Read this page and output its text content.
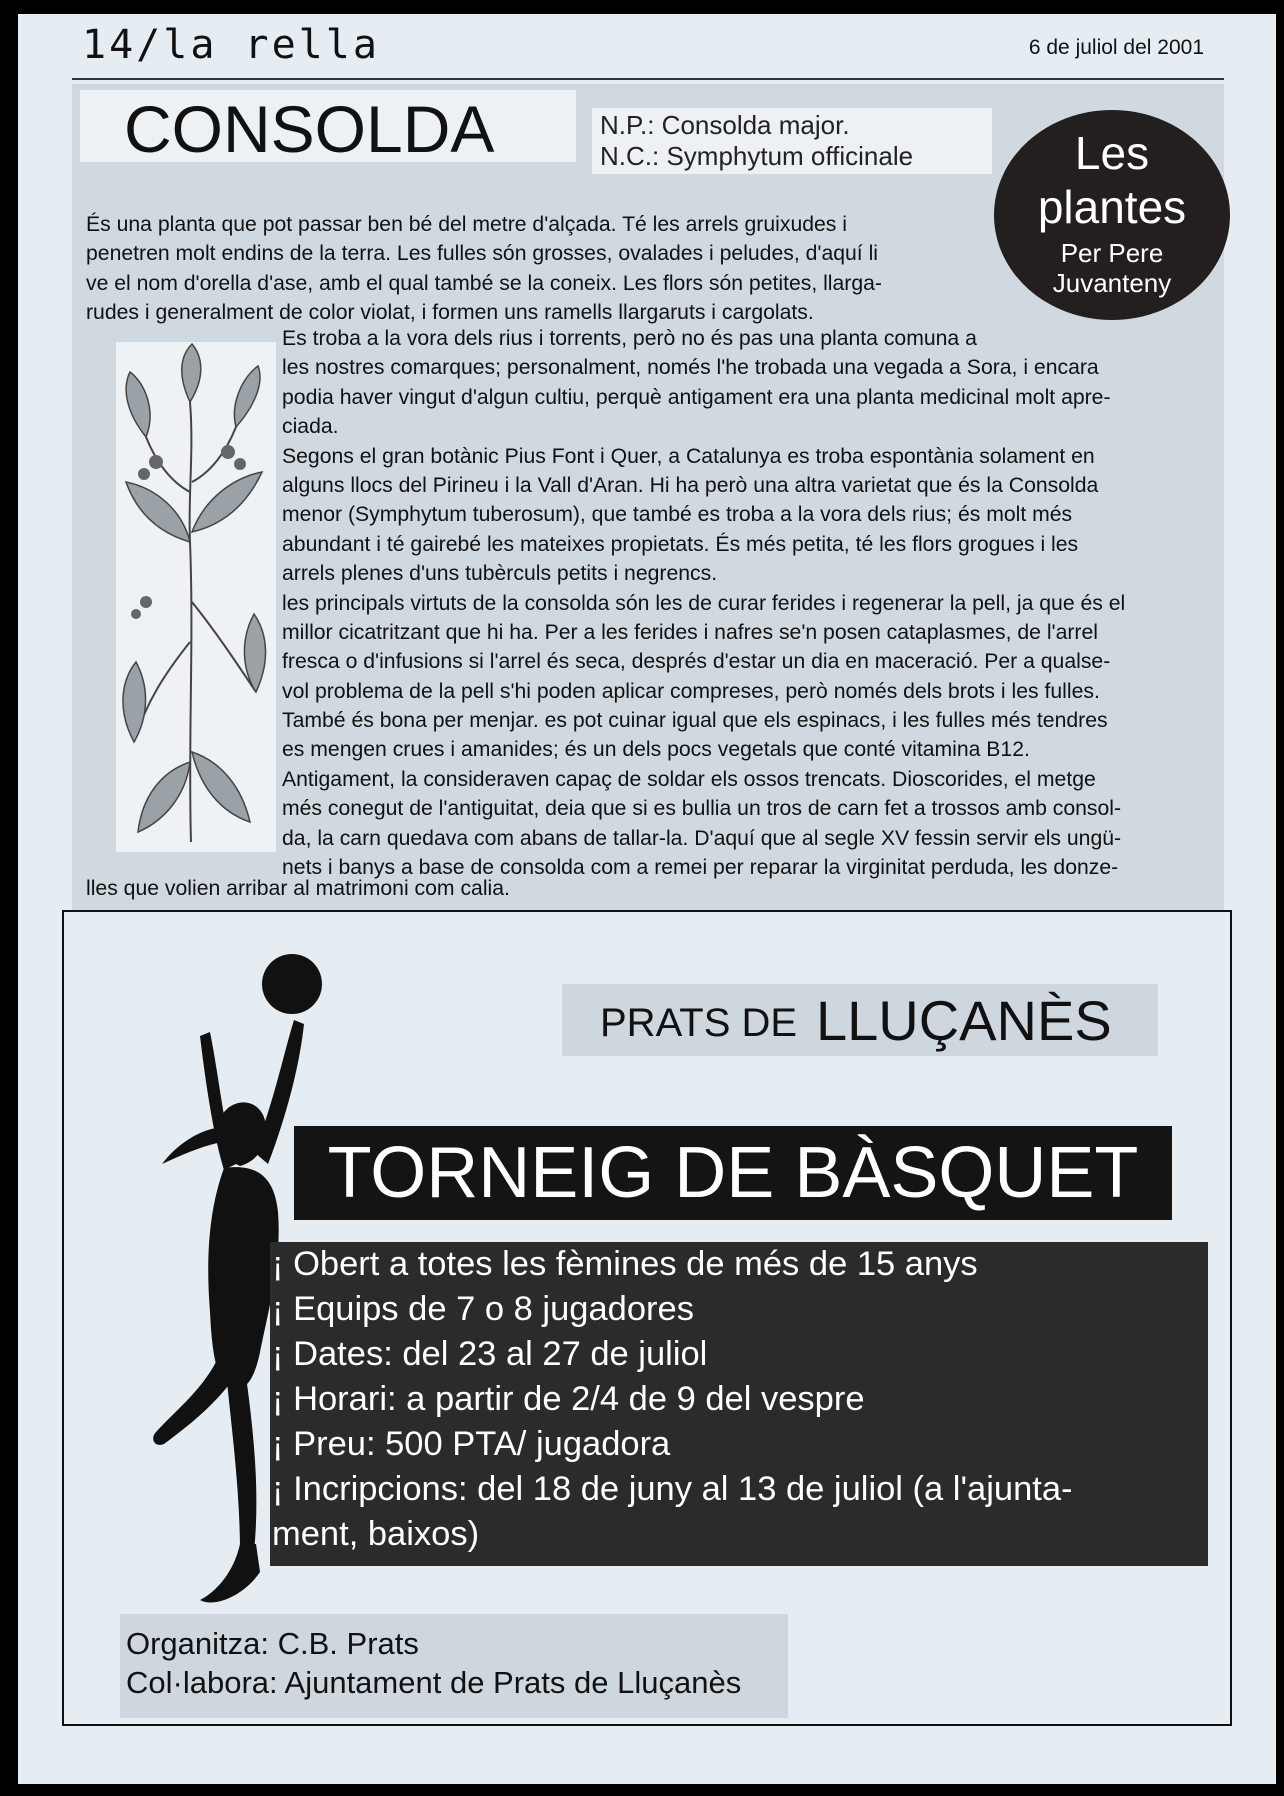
14/la rella	6 de juliol del 2001
CONSOLDA	N.P.: Consolda major.
N.C.: Symphytum officinale	Les
plantes
Per Pere
Juvanteny
És una planta que pot passar ben bé del metre d'alçada. Té les arrels gruixudes i
penetren molt endins de la terra. Les fulles són grosses, ovalades i peludes, d'aquí li
ve el nom d'orella d'ase, amb el qual també se la coneix. Les flors són petites, llarga-
rudes i generalment de color violat, i formen uns ramells llargaruts i cargolats.
Es troba a la vora dels rius i torrents, però no és pas una planta comuna a
les nostres comarques; personalment, només l'he trobada una vegada a Sora, i encara
podia haver vingut d'algun cultiu, perquè antigament era una planta medicinal molt apre-
ciada.
Segons el gran botànic Pius Font i Quer, a Catalunya es troba espontània solament en
alguns llocs del Pirineu i la Vall d'Aran. Hi ha però una altra varietat que és la Consolda
menor (Symphytum tuberosum), que també es troba a la vora dels rius; és molt més
abundant i té gairebé les mateixes propietats. És més petita, té les flors grogues i les
arrels plenes d'uns tubèrculs petits i negrencs.
les principals virtuts de la consolda són les de curar ferides i regenerar la pell, ja que és el
millor cicatritzant que hi ha. Per a les ferides i nafres se'n posen cataplasmes, de l'arrel
fresca o d'infusions si l'arrel és seca, després d'estar un dia en maceració. Per a qualse-
vol problema de la pell s'hi poden aplicar compreses, però només dels brots i les fulles.
També és bona per menjar. es pot cuinar igual que els espinacs, i les fulles més tendres
es mengen crues i amanides; és un dels pocs vegetals que conté vitamina B12.
Antigament, la consideraven capaç de soldar els ossos trencats. Dioscorides, el metge
més conegut de l'antiguitat, deia que si es bullia un tros de carn fet a trossos amb consol-
da, la carn quedava com abans de tallar-la. D'aquí que al segle XV fessin servir els ungü-
nets i banys a base de consolda com a remei per reparar la virginitat perduda, les donze-
lles que volien arribar al matrimoni com calia.
PRATS DE LLUÇANÈS
TORNEIG DE BÀSQUET
¡ Obert a totes les fèmines de més de 15 anys
¡ Equips de 7 o 8 jugadores
¡ Dates: del 23 al 27 de juliol
¡ Horari: a partir de 2/4 de 9 del vespre
¡ Preu: 500 PTA/ jugadora
¡ Incripcions: del 18 de juny al 13 de juliol (a l'ajunta-
ment, baixos)
Organitza: C.B. Prats
Col·labora: Ajuntament de Prats de Lluçanès
